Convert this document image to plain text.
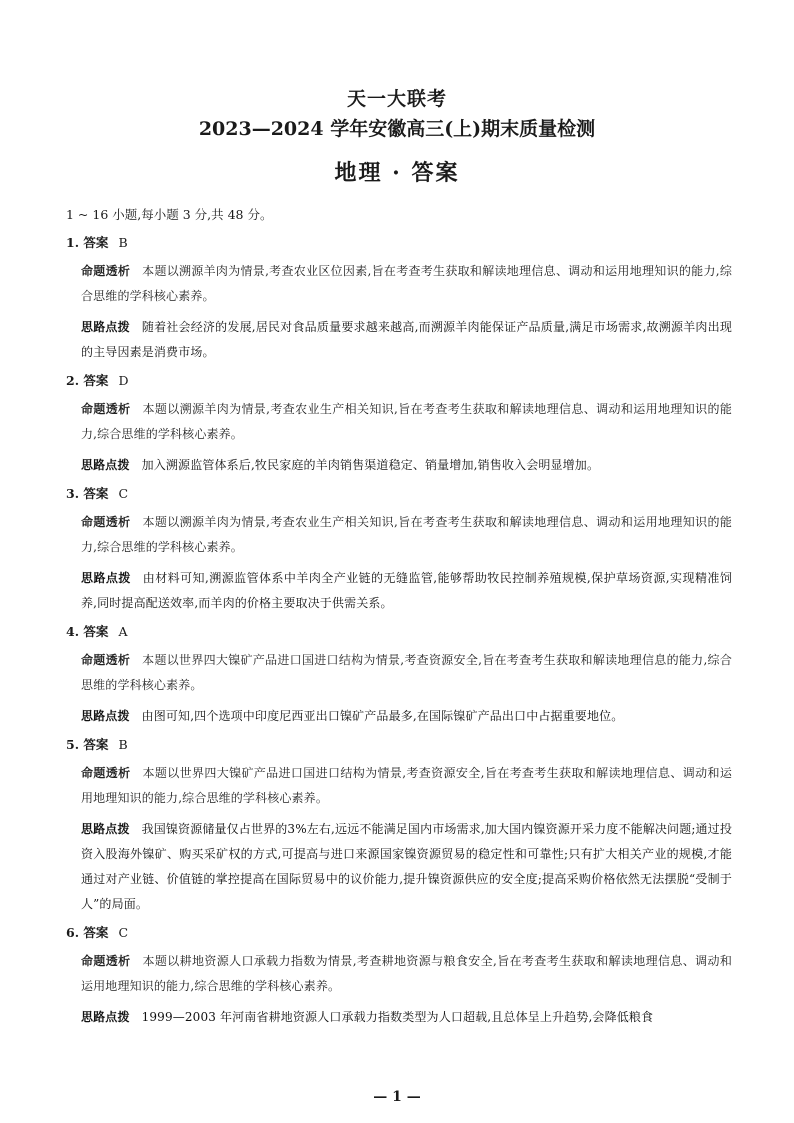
天一大联考
2023—2024 学年安徽高三(上)期末质量检测
地理 · 答案

1 ~ 16 小题,每小题 3 分,共 48 分。

1. 答案 B

命题透析 本题以溯源羊肉为情景,考查农业区位因素,旨在考查考生获取和解读地理信息、调动和运用地理知识的能力,综合思维的学科核心素养。

思路点拨 随着社会经济的发展,居民对食品质量要求越来越高,而溯源羊肉能保证产品质量,满足市场需求,故溯源羊肉出现的主导因素是消费市场。

2. 答案 D

命题透析 本题以溯源羊肉为情景,考查农业生产相关知识,旨在考查考生获取和解读地理信息、调动和运用地理知识的能力,综合思维的学科核心素养。

思路点拨 加入溯源监管体系后,牧民家庭的羊肉销售渠道稳定、销量增加,销售收入会明显增加。

3. 答案 C

命题透析 本题以溯源羊肉为情景,考查农业生产相关知识,旨在考查考生获取和解读地理信息、调动和运用地理知识的能力,综合思维的学科核心素养。

思路点拨 由材料可知,溯源监管体系中羊肉全产业链的无缝监管,能够帮助牧民控制养殖规模,保护草场资源,实现精准饲养,同时提高配送效率,而羊肉的价格主要取决于供需关系。

4. 答案 A

命题透析 本题以世界四大镍矿产品进口国进口结构为情景,考查资源安全,旨在考查考生获取和解读地理信息的能力,综合思维的学科核心素养。

思路点拨 由图可知,四个选项中印度尼西亚出口镍矿产品最多,在国际镍矿产品出口中占据重要地位。

5. 答案 B

命题透析 本题以世界四大镍矿产品进口国进口结构为情景,考查资源安全,旨在考查考生获取和解读地理信息、调动和运用地理知识的能力,综合思维的学科核心素养。

思路点拨 我国镍资源储量仅占世界的3%左右,远远不能满足国内市场需求,加大国内镍资源开采力度不能解决问题;通过投资入股海外镍矿、购买采矿权的方式,可提高与进口来源国家镍资源贸易的稳定性和可靠性;只有扩大相关产业的规模,才能通过对产业链、价值链的掌控提高在国际贸易中的议价能力,提升镍资源供应的安全度;提高采购价格依然无法摆脱“受制于人”的局面。

6. 答案 C

命题透析 本题以耕地资源人口承载力指数为情景,考查耕地资源与粮食安全,旨在考查考生获取和解读地理信息、调动和运用地理知识的能力,综合思维的学科核心素养。

思路点拨 1999—2003 年河南省耕地资源人口承载力指数类型为人口超载,且总体呈上升趋势,会降低粮食

— 1 —
